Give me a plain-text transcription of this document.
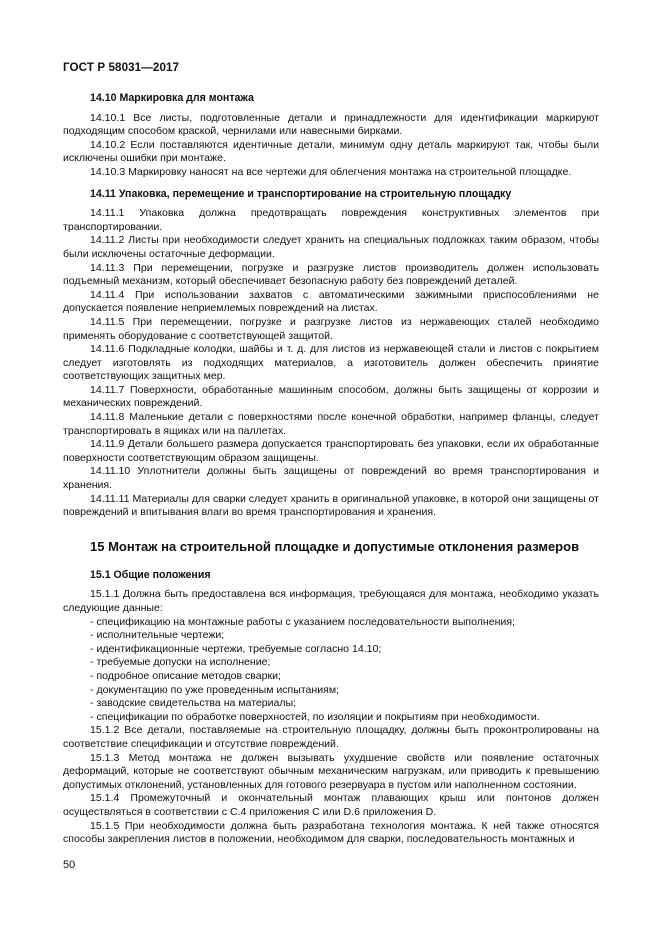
ГОСТ Р 58031—2017
14.10 Маркировка для монтажа

14.10.1 Все листы, подготовленные детали и принадлежности для идентификации маркируют подходящим способом краской, чернилами или навесными бирками.

14.10.2 Если поставляются идентичные детали, минимум одну деталь маркируют так, чтобы были исключены ошибки при монтаже.

14.10.3 Маркировку наносят на все чертежи для облегчения монтажа на строительной площадке.

14.11 Упаковка, перемещение и транспортирование на строительную площадку

14.11.1 Упаковка должна предотвращать повреждения конструктивных элементов при транспортировании.

14.11.2 Листы при необходимости следует хранить на специальных подложках таким образом, чтобы были исключены остаточные деформации.

14.11.3 При перемещении, погрузке и разгрузке листов производитель должен использовать подъемный механизм, который обеспечивает безопасную работу без повреждений деталей.

14.11.4 При использовании захватов с автоматическими зажимными приспособлениями не допускается появление неприемлемых повреждений на листах.

14.11.5 При перемещении, погрузке и разгрузке листов из нержавеющих сталей необходимо применять оборудование с соответствующей защитой.

14.11.6 Подкладные колодки, шайбы и т. д. для листов из нержавеющей стали и листов с покрытием следует изготовлять из подходящих материалов, а изготовитель должен обеспечить принятие соответствующих защитных мер.

14.11.7 Поверхности, обработанные машинным способом, должны быть защищены от коррозии и механических повреждений.

14.11.8 Маленькие детали с поверхностями после конечной обработки, например фланцы, следует транспортировать в ящиках или на паллетах.

14.11.9 Детали большего размера допускается транспортировать без упаковки, если их обработанные поверхности соответствующим образом защищены.

14.11.10 Уплотнители должны быть защищены от повреждений во время транспортирования и хранения.

14.11.11 Материалы для сварки следует хранить в оригинальной упаковке, в которой они защищены от повреждений и впитывания влаги во время транспортирования и хранения.

15 Монтаж на строительной площадке и допустимые отклонения размеров
15.1 Общие положения

15.1.1 Должна быть предоставлена вся информация, требующаяся для монтажа, необходимо указать следующие данные:

- спецификацию на монтажные работы с указанием последовательности выполнения;
- исполнительные чертежи;
- идентификационные чертежи, требуемые согласно 14.10;
- требуемые допуски на исполнение;
- подробное описание методов сварки;
- документацию по уже проведенным испытаниям;
- заводские свидетельства на материалы;
- спецификации по обработке поверхностей, по изоляции и покрытиям при необходимости.

15.1.2 Все детали, поставляемые на строительную площадку, должны быть проконтролированы на соответствие спецификации и отсутствие повреждений.

15.1.3 Метод монтажа не должен вызывать ухудшение свойств или появление остаточных деформаций, которые не соответствуют обычным механическим нагрузкам, или приводить к превышению допустимых отклонений, установленных для готового резервуара в пустом или наполненном состоянии.

15.1.4 Промежуточный и окончательный монтаж плавающих крыш или понтонов должен осуществляться в соответствии с С.4 приложения С или D.6 приложения D.

15.1.5 При необходимости должна быть разработана технология монтажа. К ней также относятся способы закрепления листов в положении, необходимом для сварки, последовательность монтажных и

50
